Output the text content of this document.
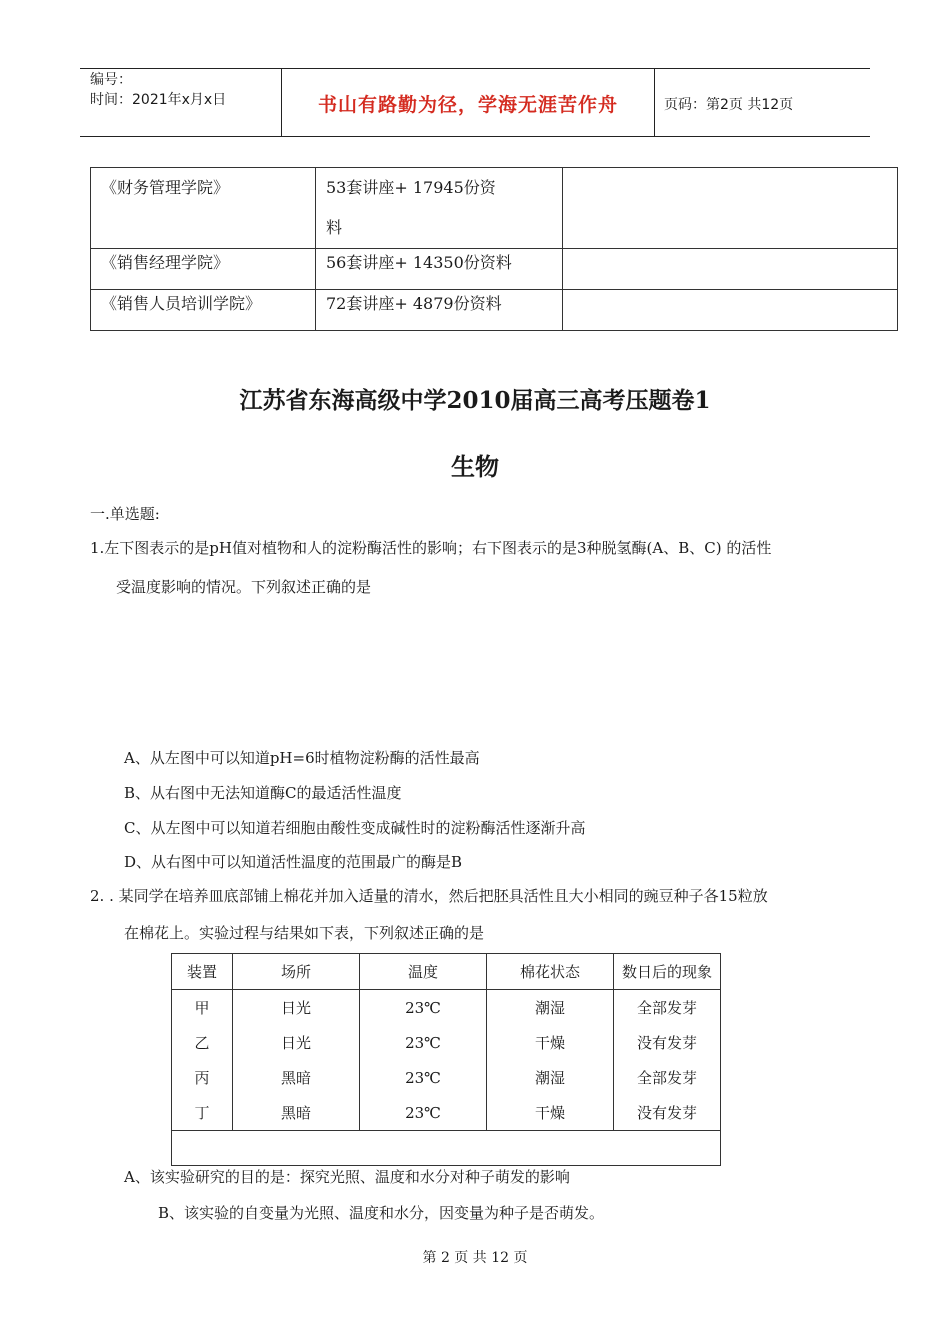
编号：
时间：2021年x月x日	书山有路勤为径，学海无涯苦作舟	页码：第2页 共12页
《财务管理学院》	53套讲座+ 17945份资
料	

《销售经理学院》	56套讲座+ 14350份资料	
《销售人员培训学院》	72套讲座+ 4879份资料	
江苏省东海高级中学2010届高三高考压题卷1
生物
一.单选题:
1.左下图表示的是pH值对植物和人的淀粉酶活性的影响；右下图表示的是3种脱氢酶(A、B、C) 的活性
受温度影响的情况。下列叙述正确的是
A、从左图中可以知道pH=6时植物淀粉酶的活性最高
B、从右图中无法知道酶C的最适活性温度
C、从左图中可以知道若细胞由酸性变成碱性时的淀粉酶活性逐渐升高
D、从右图中可以知道活性温度的范围最广的酶是B
2. . 某同学在培养皿底部铺上棉花并加入适量的清水，然后把胚具活性且大小相同的豌豆种子各15粒放
在棉花上。实验过程与结果如下表，下列叙述正确的是
装置	场所	温度	棉花状态	数日后的现象
甲	日光	23℃	潮湿	全部发芽
乙	日光	23℃	干燥	没有发芽
丙	黑暗	23℃	潮湿	全部发芽
丁	黑暗	23℃	干燥	没有发芽

A、该实验研究的目的是：探究光照、温度和水分对种子萌发的影响
B、该实验的自变量为光照、温度和水分，因变量为种子是否萌发。
第 2 页 共 12 页
